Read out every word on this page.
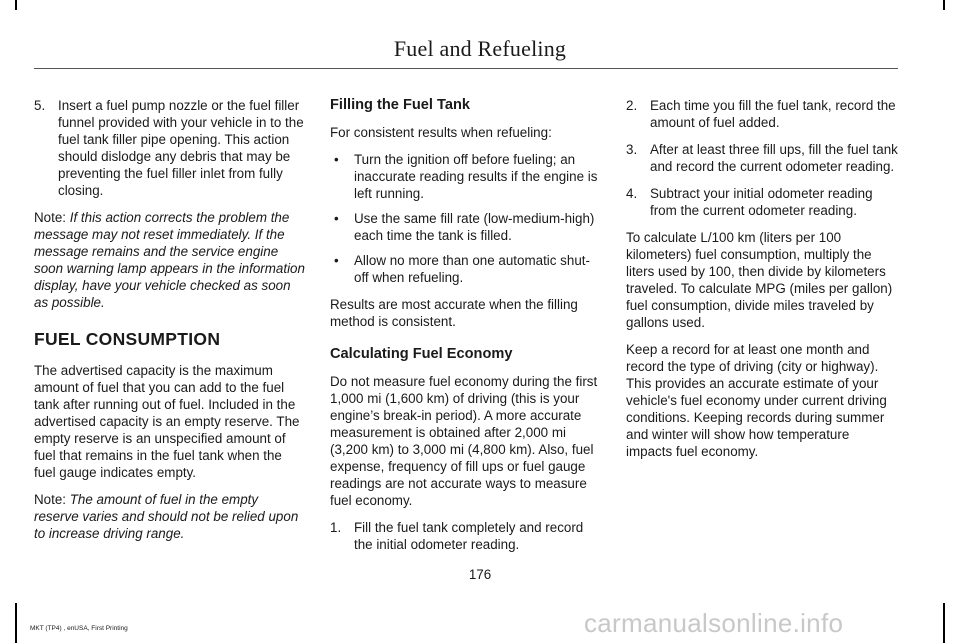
Fuel and Refueling
5. Insert a fuel pump nozzle or the fuel filler funnel provided with your vehicle in to the fuel tank filler pipe opening. This action should dislodge any debris that may be preventing the fuel filler inlet from fully closing.

Note: If this action corrects the problem the message may not reset immediately. If the message remains and the service engine soon warning lamp appears in the information display, have your vehicle checked as soon as possible.

FUEL CONSUMPTION

The advertised capacity is the maximum amount of fuel that you can add to the fuel tank after running out of fuel. Included in the advertised capacity is an empty reserve. The empty reserve is an unspecified amount of fuel that remains in the fuel tank when the fuel gauge indicates empty.

Note: The amount of fuel in the empty reserve varies and should not be relied upon to increase driving range.

Filling the Fuel Tank

For consistent results when refueling:

• Turn the ignition off before fueling; an inaccurate reading results if the engine is left running.
• Use the same fill rate (low-medium-high) each time the tank is filled.
• Allow no more than one automatic shut-off when refueling.

Results are most accurate when the filling method is consistent.

Calculating Fuel Economy

Do not measure fuel economy during the first 1,000 mi (1,600 km) of driving (this is your engine’s break-in period). A more accurate measurement is obtained after 2,000 mi (3,200 km) to 3,000 mi (4,800 km). Also, fuel expense, frequency of fill ups or fuel gauge readings are not accurate ways to measure fuel economy.

1. Fill the fuel tank completely and record the initial odometer reading.
2. Each time you fill the fuel tank, record the amount of fuel added.
3. After at least three fill ups, fill the fuel tank and record the current odometer reading.
4. Subtract your initial odometer reading from the current odometer reading.

To calculate L/100 km (liters per 100 kilometers) fuel consumption, multiply the liters used by 100, then divide by kilometers traveled. To calculate MPG (miles per gallon) fuel consumption, divide miles traveled by gallons used.

Keep a record for at least one month and record the type of driving (city or highway). This provides an accurate estimate of your vehicle's fuel economy under current driving conditions. Keeping records during summer and winter will show how temperature impacts fuel economy.

176
MKT (TP4) , enUSA, First Printing	carmanualsonline.info
